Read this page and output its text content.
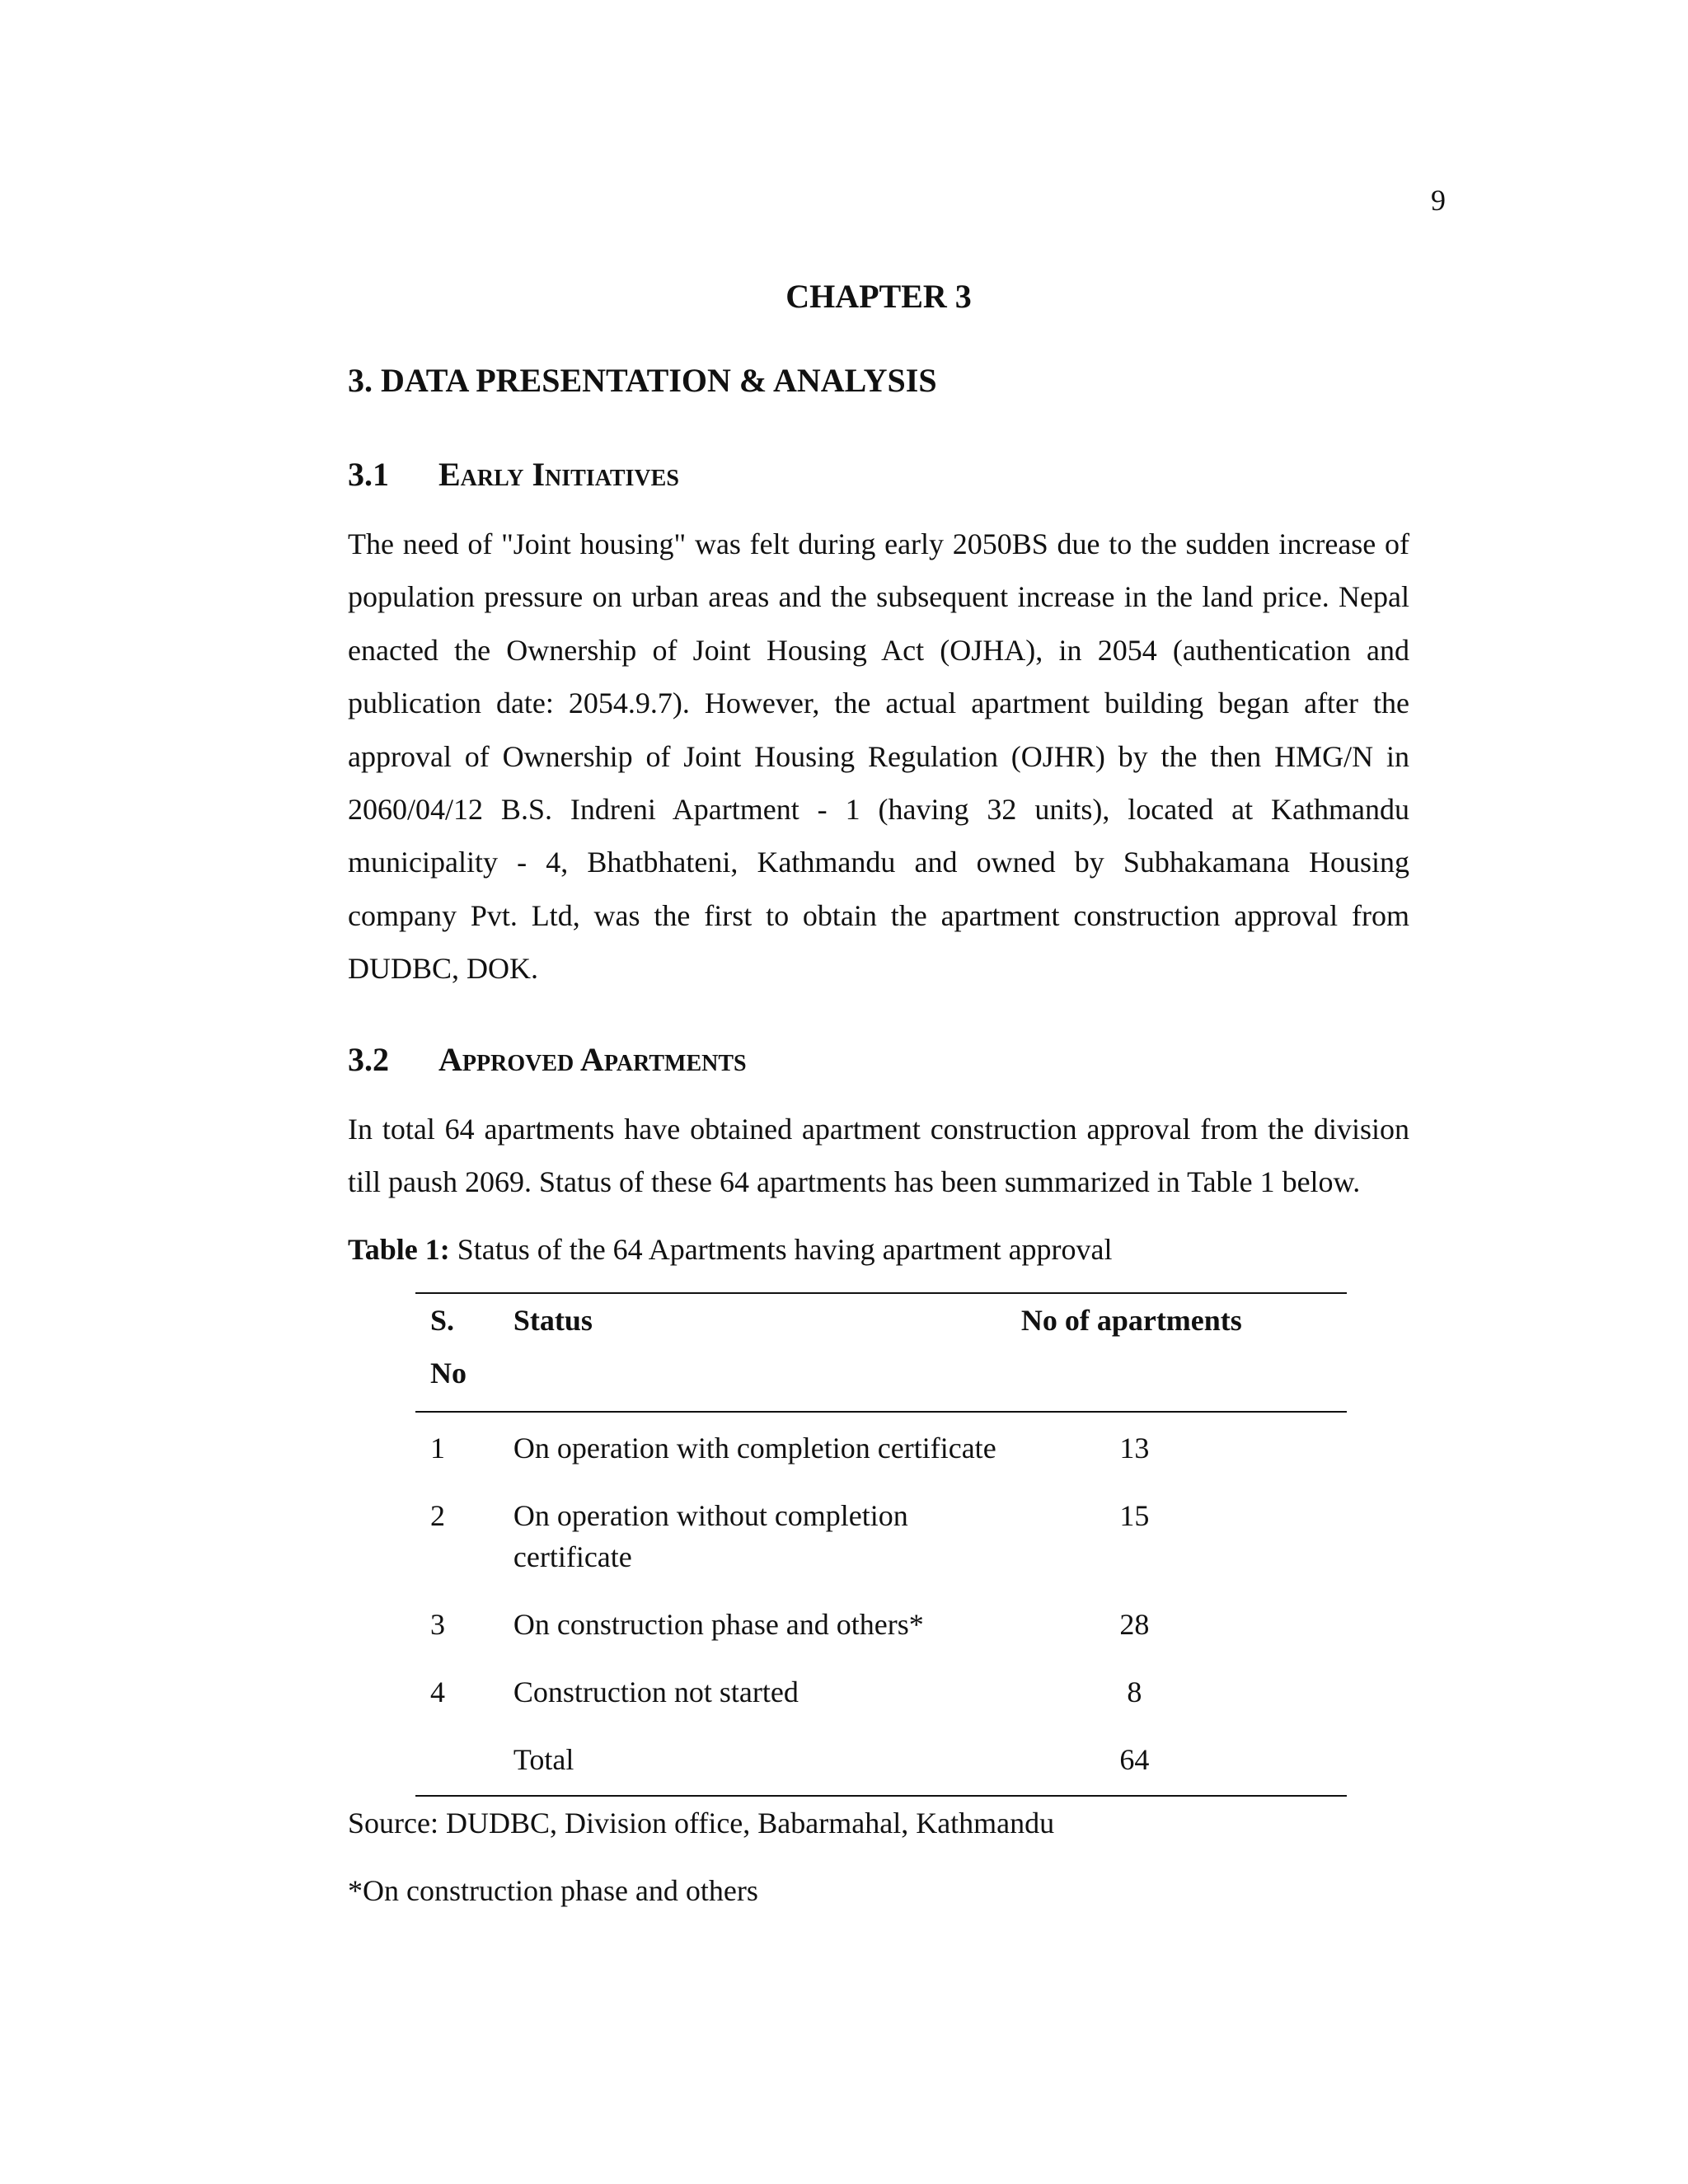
9
CHAPTER 3
3. DATA PRESENTATION & ANALYSIS
3.1	Early Initiatives

The need of "Joint housing" was felt during early 2050BS due to the sudden increase of population pressure on urban areas and the subsequent increase in the land price. Nepal enacted the Ownership of Joint Housing Act (OJHA), in 2054 (authentication and publication date: 2054.9.7). However, the actual apartment building began after the approval of Ownership of Joint Housing Regulation (OJHR) by the then HMG/N in 2060/04/12 B.S. Indreni Apartment - 1 (having 32 units), located at Kathmandu municipality - 4, Bhatbhateni, Kathmandu and owned by Subhakamana Housing company Pvt. Ltd, was the first to obtain the apartment construction approval from DUDBC, DOK.

3.2	Approved Apartments

In total 64 apartments have obtained apartment construction approval from the division till paush 2069. Status of these 64 apartments has been summarized in Table 1 below.

Table 1: Status of the 64 Apartments having apartment approval
S.
No	Status	No of apartments
1	On operation with completion certificate	13
2	On operation without completion certificate	15
3	On construction phase and others*	28
4	Construction not started	8
	Total	64

Source: DUDBC, Division office, Babarmahal, Kathmandu

*On construction phase and others
